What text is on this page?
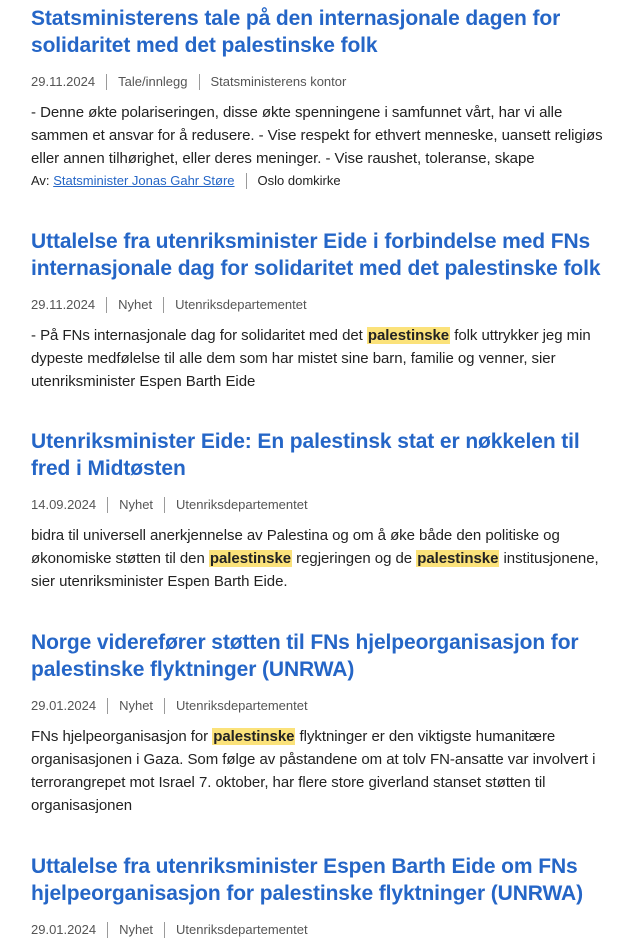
Statsministerens tale på den internasjonale dagen for solidaritet med det palestinske folk
29.11.2024 Tale/innlegg Statsministerens kontor
- Denne økte polariseringen, disse økte spenningene i samfunnet vårt, har vi alle sammen et ansvar for å redusere. - Vise respekt for ethvert menneske, uansett religiøs eller annen tilhørighet, eller deres meninger. - Vise raushet, toleranse, skape
Av:
Statsminister Jonas Gahr Støre Oslo domkirke
Uttalelse fra utenriksminister Eide i forbindelse med FNs internasjonale dag for solidaritet med det palestinske folk
29.11.2024 Nyhet Utenriksdepartementet
- På FNs internasjonale dag for solidaritet med det palestinske folk uttrykker jeg min dypeste medfølelse til alle dem som har mistet sine barn, familie og venner, sier utenriksminister Espen Barth Eide
Utenriksminister Eide: En palestinsk stat er nøkkelen til fred i Midtøsten
14.09.2024 Nyhet Utenriksdepartementet
bidra til universell anerkjennelse av Palestina og om å øke både den politiske og økonomiske støtten til den palestinske regjeringen og de palestinske institusjonene, sier utenriksminister Espen Barth Eide.
Norge viderefører støtten til FNs hjelpeorganisasjon for palestinske flyktninger (UNRWA)
29.01.2024 Nyhet Utenriksdepartementet
FNs hjelpeorganisasjon for palestinske flyktninger er den viktigste humanitære organisasjonen i Gaza. Som følge av påstandene om at tolv FN-ansatte var involvert i terrorangrepet mot Israel 7. oktober, har flere store giverland stanset støtten til organisasjonen
Uttalelse fra utenriksminister Espen Barth Eide om FNs hjelpeorganisasjon for palestinske flyktninger (UNRWA)
29.01.2024 Nyhet Utenriksdepartementet
